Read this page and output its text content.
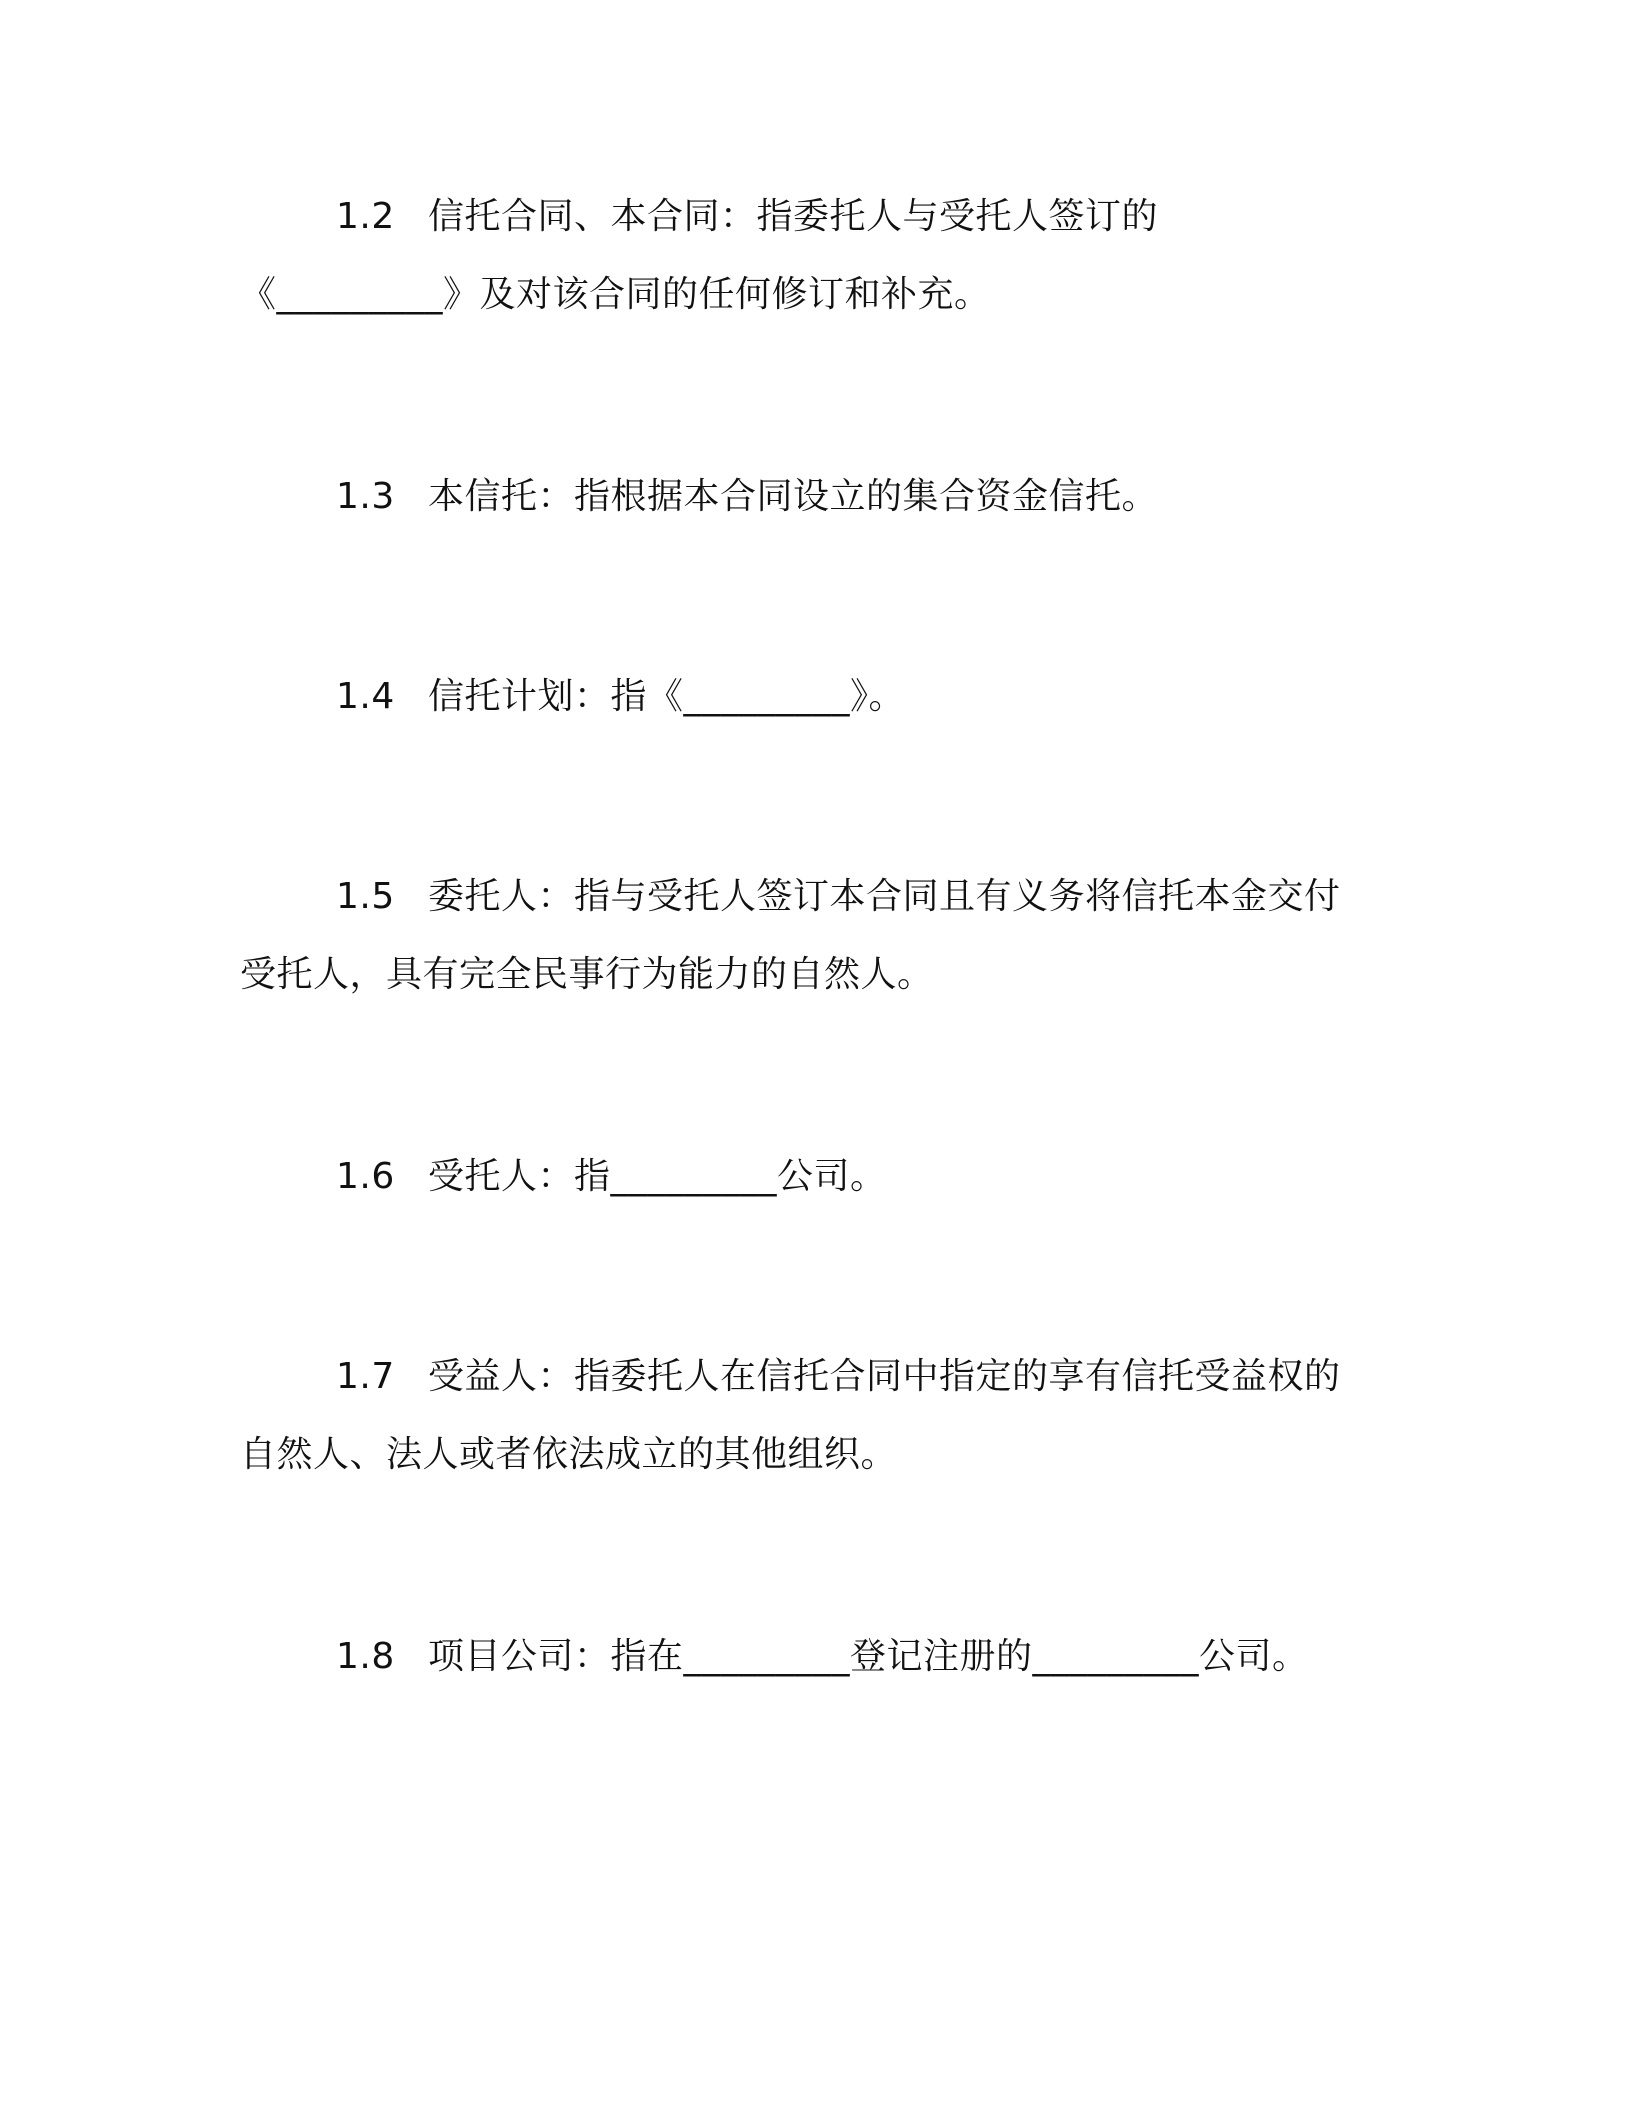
1.2 信托合同、本合同：指委托人与受托人签订的
《_________》及对该合同的任何修订和补充。
1.3 本信托：指根据本合同设立的集合资金信托。
1.4 信托计划：指《_________》。
1.5 委托人：指与受托人签订本合同且有义务将信托本金交付
受托人，具有完全民事行为能力的自然人。
1.6 受托人：指_________公司。
1.7 受益人：指委托人在信托合同中指定的享有信托受益权的
自然人、法人或者依法成立的其他组织。
1.8 项目公司：指在_________登记注册的_________公司。
